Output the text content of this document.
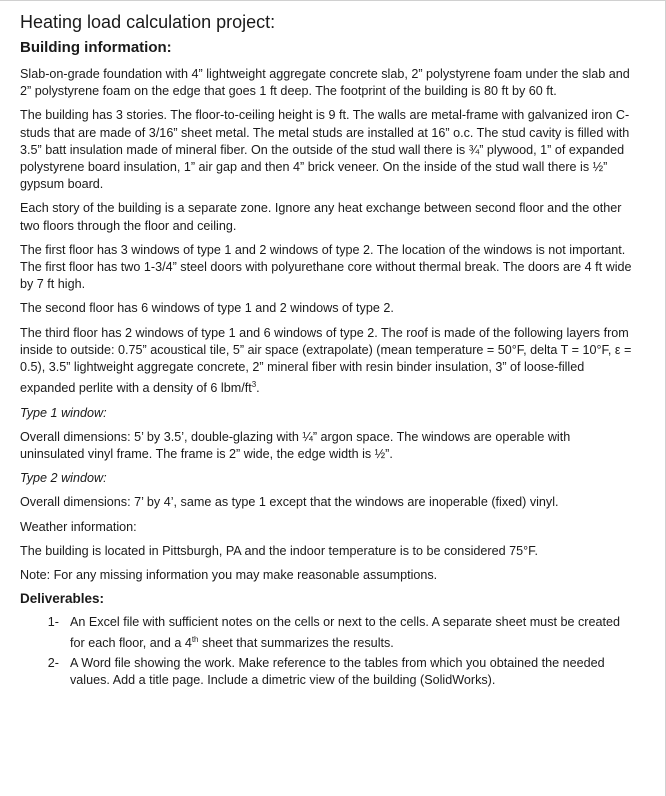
Heating load calculation project:
Building information:

Slab-on-grade foundation with 4” lightweight aggregate concrete slab, 2” polystyrene foam under the slab and 2” polystyrene foam on the edge that goes 1 ft deep. The footprint of the building is 80 ft by 60 ft.

The building has 3 stories. The floor-to-ceiling height is 9 ft. The walls are metal-frame with galvanized iron C-studs that are made of 3/16” sheet metal. The metal studs are installed at 16” o.c. The stud cavity is filled with 3.5” batt insulation made of mineral fiber. On the outside of the stud wall there is ¾” plywood, 1” of expanded polystyrene board insulation, 1” air gap and then 4” brick veneer. On the inside of the stud wall there is ½” gypsum board.

Each story of the building is a separate zone. Ignore any heat exchange between second floor and the other two floors through the floor and ceiling.

The first floor has 3 windows of type 1 and 2 windows of type 2. The location of the windows is not important. The first floor has two 1-3/4” steel doors with polyurethane core without thermal break. The doors are 4 ft wide by 7 ft high.

The second floor has 6 windows of type 1 and 2 windows of type 2.

The third floor has 2 windows of type 1 and 6 windows of type 2. The roof is made of the following layers from inside to outside: 0.75” acoustical tile, 5” air space (extrapolate) (mean temperature = 50°F, delta T = 10°F, ε = 0.5), 3.5” lightweight aggregate concrete, 2” mineral fiber with resin binder insulation, 3” of loose-filled expanded perlite with a density of 6 lbm/$ft^3$.

Type 1 window:

Overall dimensions: 5’ by 3.5’, double-glazing with ¼” argon space. The windows are operable with uninsulated vinyl frame. The frame is 2” wide, the edge width is ½”.

Type 2 window:

Overall dimensions: 7’ by 4’, same as type 1 except that the windows are inoperable (fixed) vinyl.

Weather information:

The building is located in Pittsburgh, PA and the indoor temperature is to be considered 75°F.

Note: For any missing information you may make reasonable assumptions.

Deliverables:
1. An Excel file with sufficient notes on the cells or next to the cells. A separate sheet must be created for each floor, and a 4th sheet that summarizes the results.
2. A Word file showing the work. Make reference to the tables from which you obtained the needed values. Add a title page. Include a dimetric view of the building (SolidWorks).
